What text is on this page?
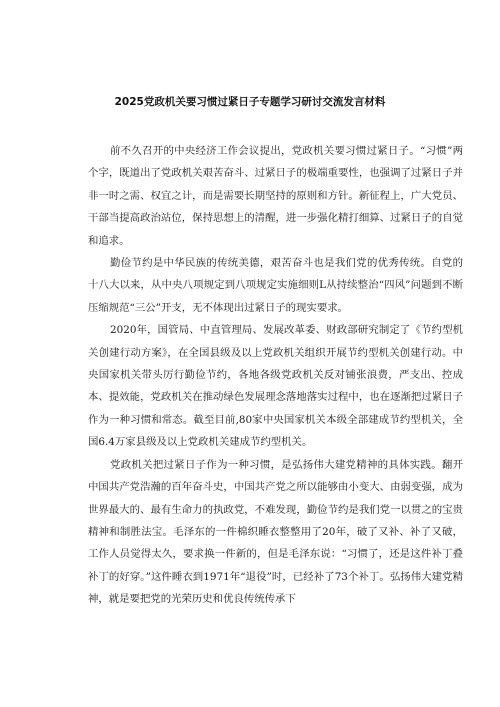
2025党政机关要习惯过紧日子专题学习研讨交流发言材料

前不久召开的中央经济工作会议提出，党政机关要习惯过紧日子。“习惯”两个字，既道出了党政机关艰苦奋斗、过紧日子的极端重要性，也强调了过紧日子并非一时之需、权宜之计，而是需要长期坚持的原则和方针。新征程上，广大党员、干部当提高政治站位，保持思想上的清醒，进一步强化精打细算、过紧日子的自觉和追求。

勤俭节约是中华民族的传统美德，艰苦奋斗也是我们党的优秀传统。自党的十八大以来，从中央八项规定到八项规定实施细则L从持续整治“四风”问题到不断压缩规范“三公”开支，无不体现出过紧日子的现实要求。

2020年，国管局、中直管理局、发展改革委、财政部研究制定了《节约型机关创建行动方案》，在全国县级及以上党政机关组织开展节约型机关创建行动。中央国家机关带头厉行勤俭节约，各地各级党政机关反对铺张浪费，严支出、控成本、提效能，党政机关在推动绿色发展理念落地落实过程中，也在逐渐把过紧日子作为一种习惯和常态。截至目前,80家中央国家机关本级全部建成节约型机关，全国6.4万家县级及以上党政机关建成节约型机关。

党政机关把过紧日子作为一种习惯，是弘扬伟大建党精神的具体实践。翻开中国共产党浩瀚的百年奋斗史，中国共产党之所以能够由小变大、由弱变强，成为世界最大的、最有生命力的执政党，不难发现，勤俭节约是我们党一以贯之的宝贵精神和制胜法宝。毛泽东的一件棉织睡衣整整用了20年，破了又补、补了又破，工作人员觉得太久，要求换一件新的，但是毛泽东说：“习惯了，还是这件补丁叠补丁的好穿。”这件睡衣到1971年“退役”时，已经补了73个补丁。弘扬伟大建党精神，就是要把党的光荣历史和优良传统传承下
